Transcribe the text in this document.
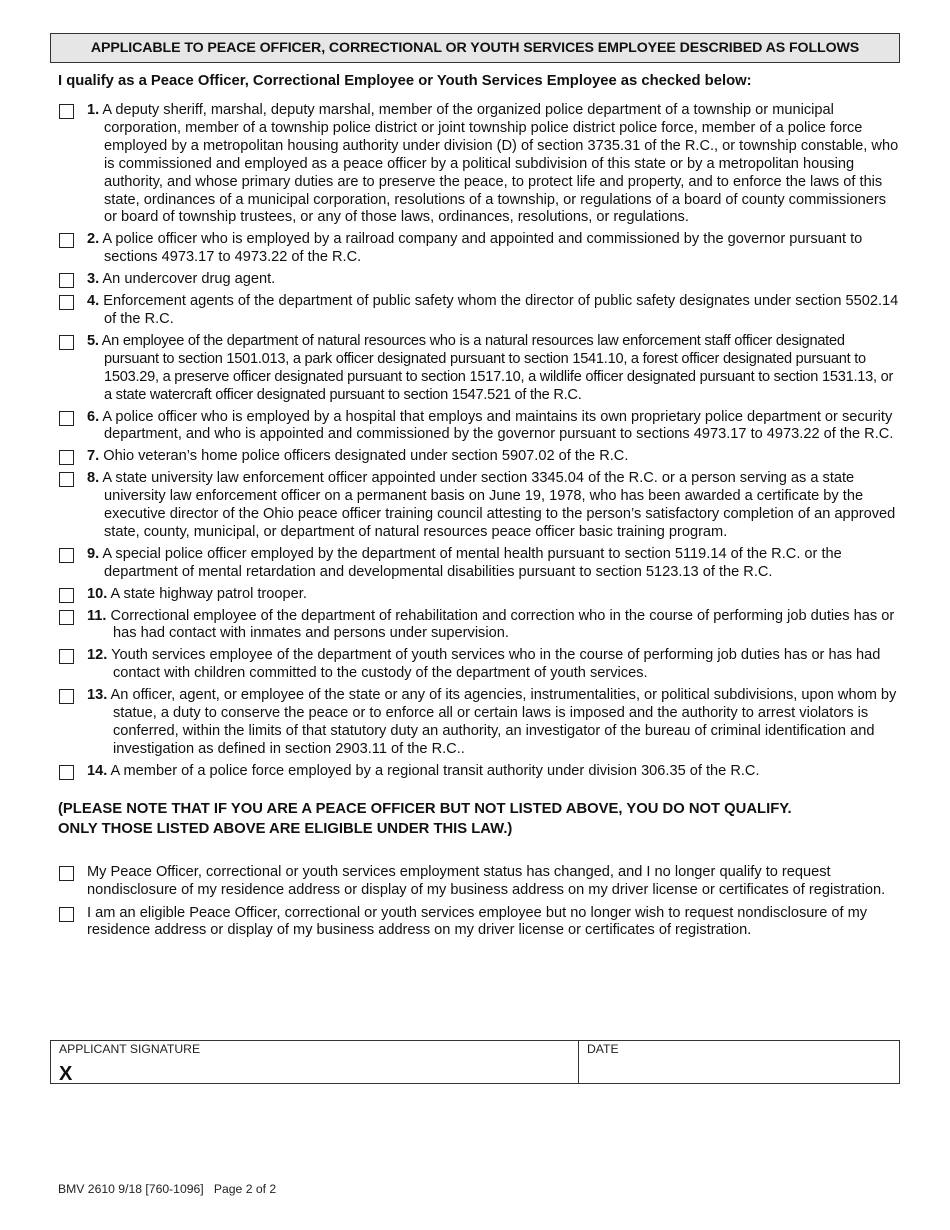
APPLICABLE TO PEACE OFFICER, CORRECTIONAL OR YOUTH SERVICES EMPLOYEE DESCRIBED AS FOLLOWS
I qualify as a Peace Officer, Correctional Employee or Youth Services Employee as checked below:
1. A deputy sheriff, marshal, deputy marshal, member of the organized police department of a township or municipal corporation, member of a township police district or joint township police district police force, member of a police force employed by a metropolitan housing authority under division (D) of section 3735.31 of the R.C., or township constable, who is commissioned and employed as a peace officer by a political subdivision of this state or by a metropolitan housing authority, and whose primary duties are to preserve the peace, to protect life and property, and to enforce the laws of this state, ordinances of a municipal corporation, resolutions of a township, or regulations of a board of county commissioners or board of township trustees, or any of those laws, ordinances, resolutions, or regulations.
2. A police officer who is employed by a railroad company and appointed and commissioned by the governor pursuant to sections 4973.17 to 4973.22 of the R.C.
3. An undercover drug agent.
4. Enforcement agents of the department of public safety whom the director of public safety designates under section 5502.14 of the R.C.
5. An employee of the department of natural resources who is a natural resources law enforcement staff officer designated pursuant to section 1501.013, a park officer designated pursuant to section 1541.10, a forest officer designated pursuant to 1503.29, a preserve officer designated pursuant to section 1517.10, a wildlife officer designated pursuant to section 1531.13, or a state watercraft officer designated pursuant to section 1547.521 of the R.C.
6. A police officer who is employed by a hospital that employs and maintains its own proprietary police department or security department, and who is appointed and commissioned by the governor pursuant to sections 4973.17 to 4973.22 of the R.C.
7. Ohio veteran’s home police officers designated under section 5907.02 of the R.C.
8. A state university law enforcement officer appointed under section 3345.04 of the R.C. or a person serving as a state university law enforcement officer on a permanent basis on June 19, 1978, who has been awarded a certificate by the executive director of the Ohio peace officer training council attesting to the person’s satisfactory completion of an approved state, county, municipal, or department of natural resources peace officer basic training program.
9. A special police officer employed by the department of mental health pursuant to section 5119.14 of the R.C. or the department of mental retardation and developmental disabilities pursuant to section 5123.13 of the R.C.
10. A state highway patrol trooper.
11. Correctional employee of the department of rehabilitation and correction who in the course of performing job duties has or has had contact with inmates and persons under supervision.
12. Youth services employee of the department of youth services who in the course of performing job duties has or has had contact with children committed to the custody of the department of youth services.
13. An officer, agent, or employee of the state or any of its agencies, instrumentalities, or political subdivisions, upon whom by statue, a duty to conserve the peace or to enforce all or certain laws is imposed and the authority to arrest violators is conferred, within the limits of that statutory duty an authority, an investigator of the bureau of criminal identification and investigation as defined in section 2903.11 of the R.C..
14. A member of a police force employed by a regional transit authority under division 306.35 of the R.C.
(PLEASE NOTE THAT IF YOU ARE A PEACE OFFICER BUT NOT LISTED ABOVE, YOU DO NOT QUALIFY.
ONLY THOSE LISTED ABOVE ARE ELIGIBLE UNDER THIS LAW.)
My Peace Officer, correctional or youth services employment status has changed, and I no longer qualify to request nondisclosure of my residence address or display of my business address on my driver license or certificates of registration.
I am an eligible Peace Officer, correctional or youth services employee but no longer wish to request nondisclosure of my residence address or display of my business address on my driver license or certificates of registration.
APPLICANT SIGNATURE
X
DATE
BMV 2610 9/18 [760-1096] Page 2 of 2
